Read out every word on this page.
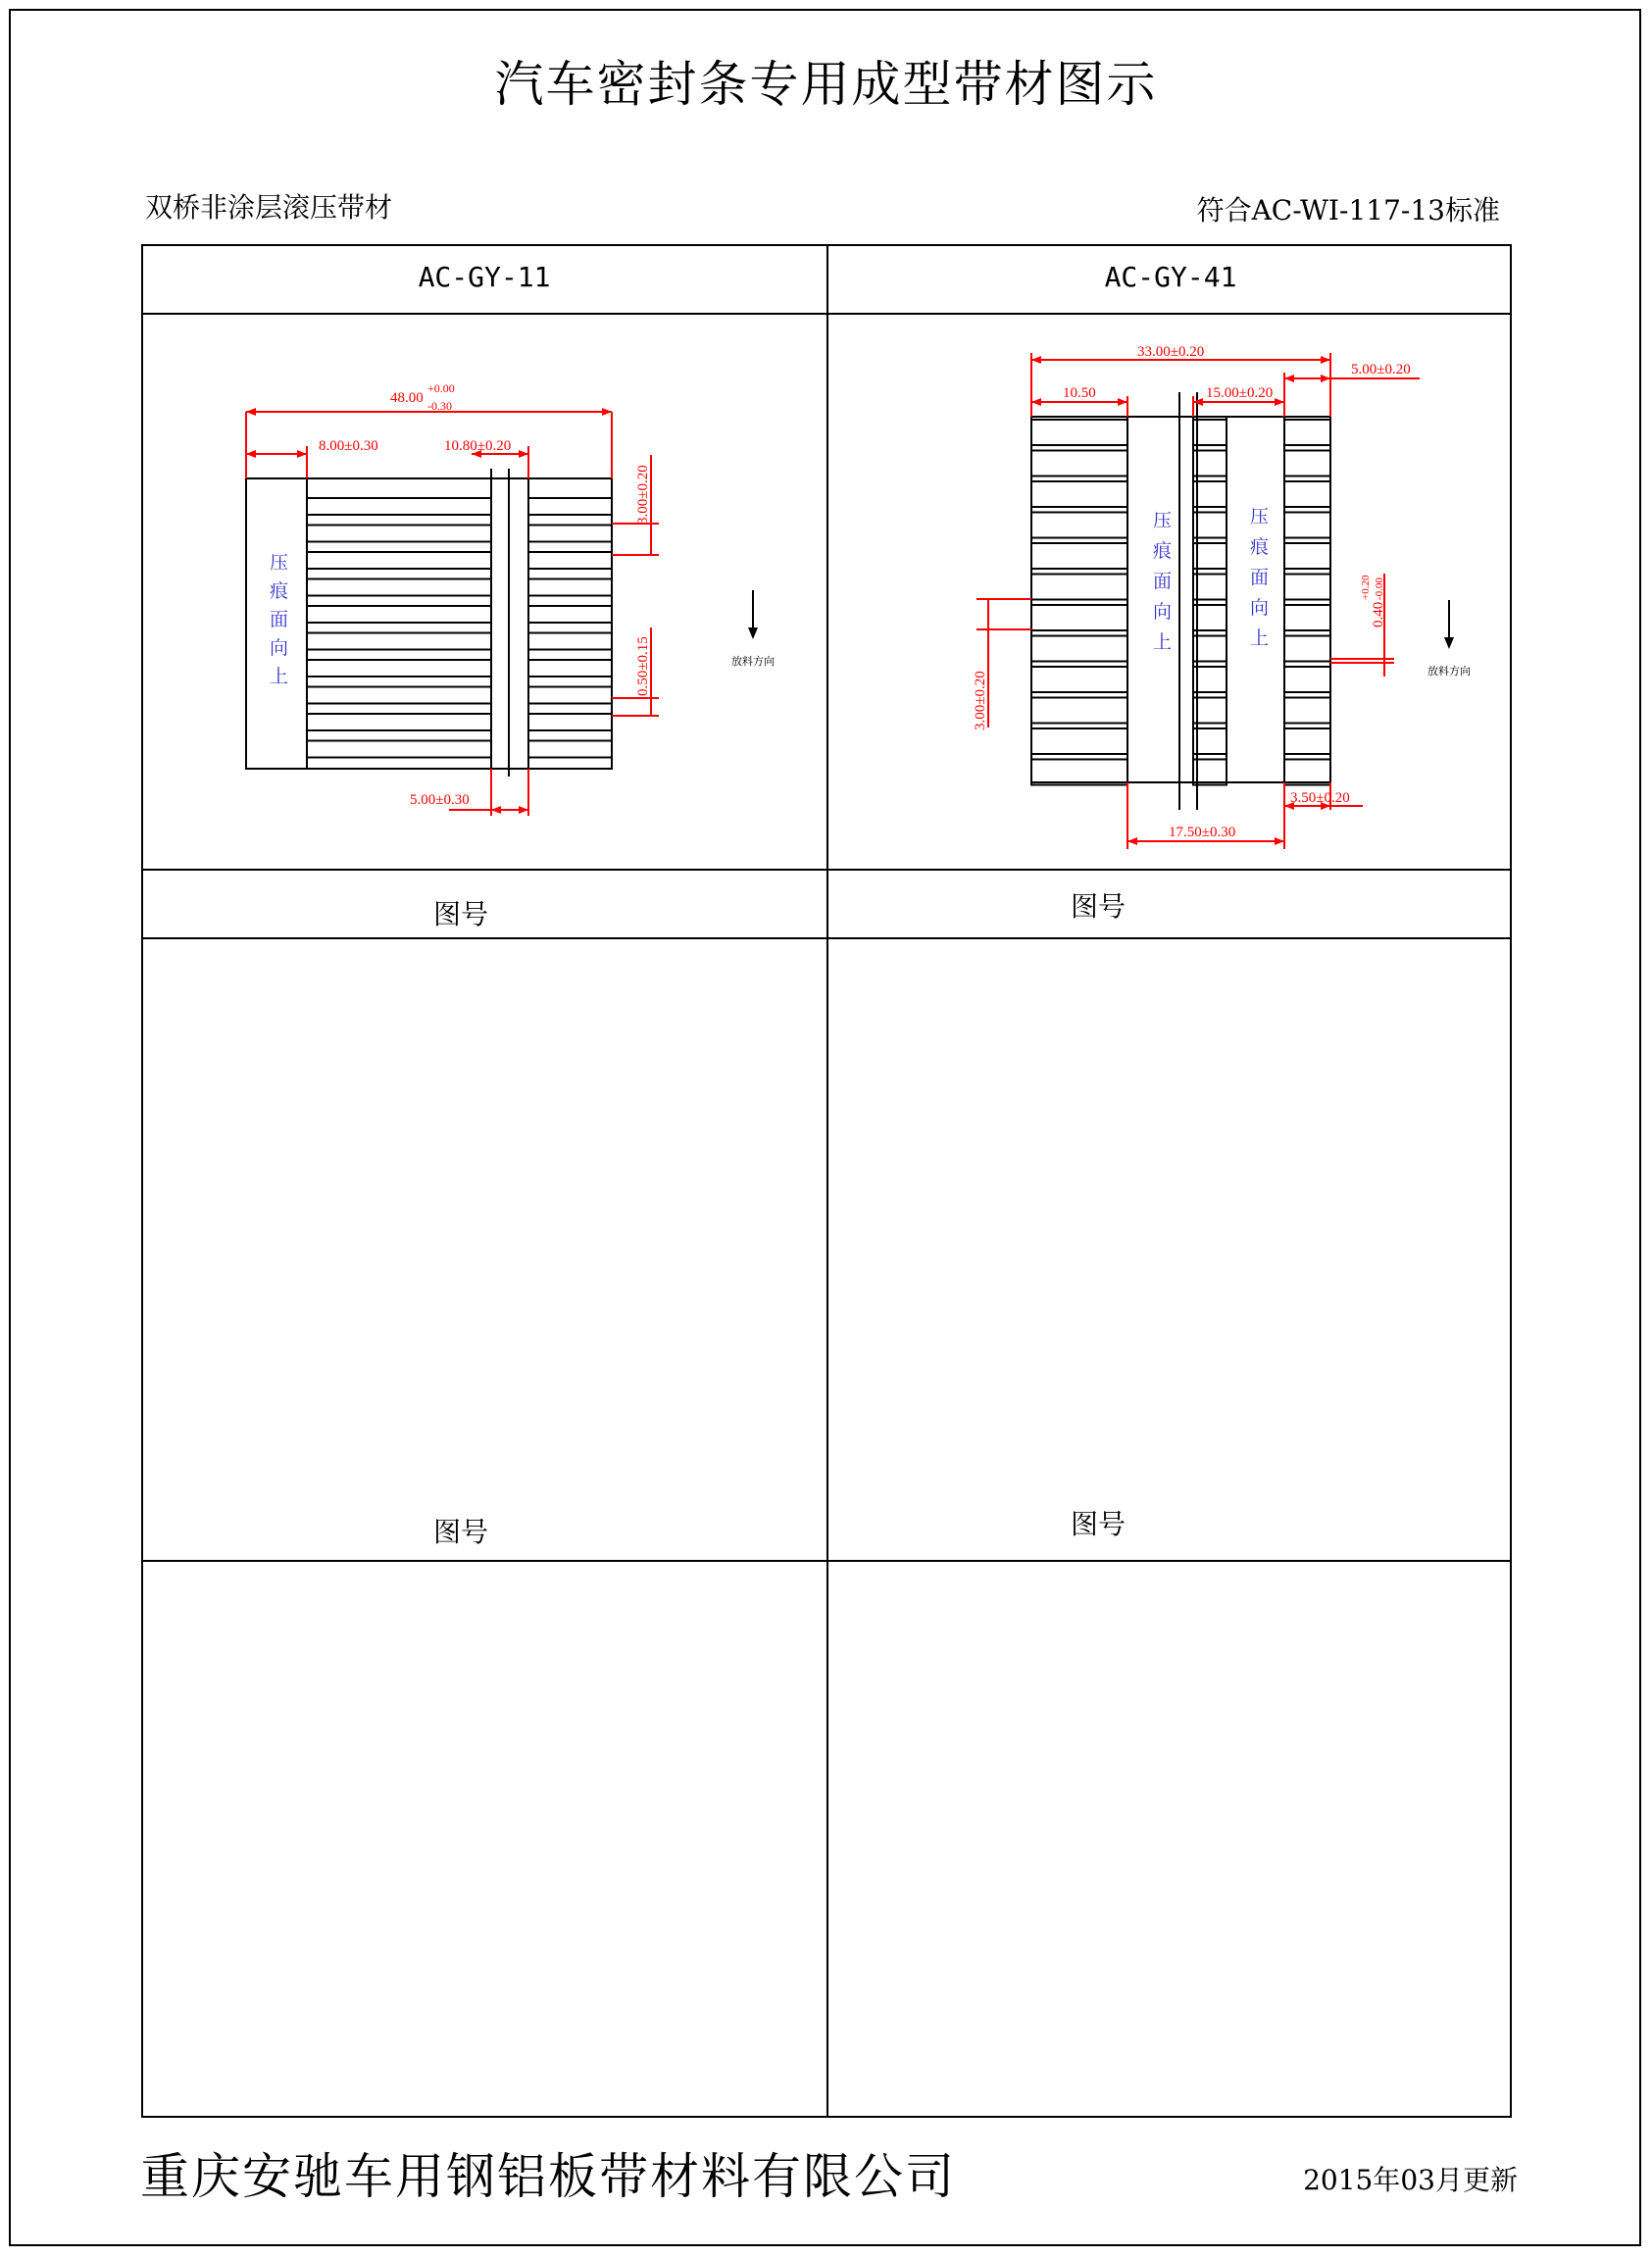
汽车密封条专用成型带材图示
双桥非涂层滚压带材	符合AC-WI-117-13标准
AC-GY-11	AC-GY-41
图号	图号
图号	图号
48.00
+0.00
-0.30
8.00±0.30	10.80±0.20
3.00±0.20
0.50±0.15
5.00±0.30
压痕面向上
放料方向
33.00±0.20
5.00±0.20
10.50	15.00±0.20
3.00±0.20
0.40
+0.20 -0.00
3.50±0.20
17.50±0.30
压痕面向上
压痕面向上
放料方向
重庆安驰车用钢铝板带材料有限公司	2015年03月更新
